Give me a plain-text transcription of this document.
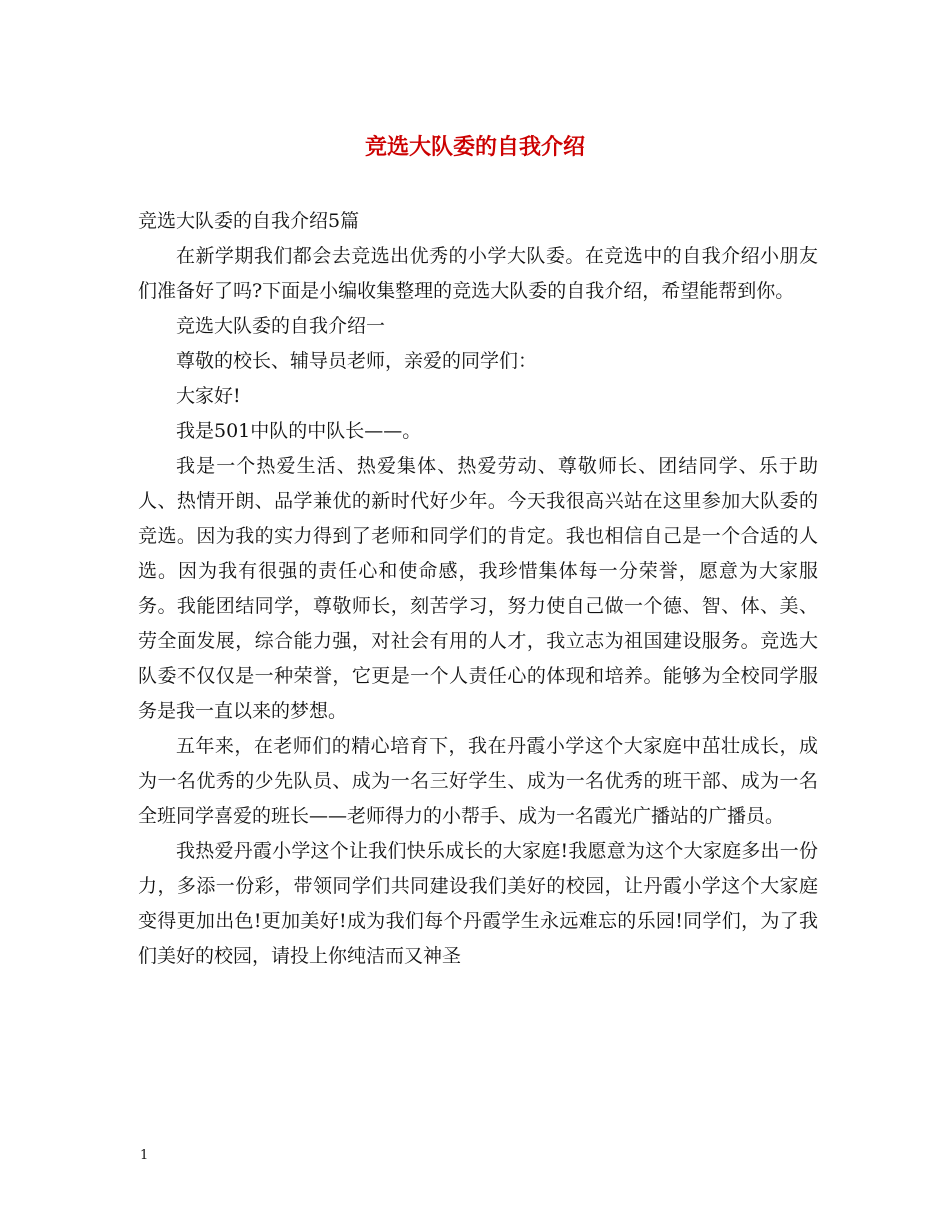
竞选大队委的自我介绍

竞选大队委的自我介绍5篇

在新学期我们都会去竞选出优秀的小学大队委。在竞选中的自我介绍小朋友们准备好了吗?下面是小编收集整理的竞选大队委的自我介绍，希望能帮到你。

竞选大队委的自我介绍一

尊敬的校长、辅导员老师，亲爱的同学们：

大家好!

我是501中队的中队长——。

我是一个热爱生活、热爱集体、热爱劳动、尊敬师长、团结同学、乐于助人、热情开朗、品学兼优的新时代好少年。今天我很高兴站在这里参加大队委的竞选。因为我的实力得到了老师和同学们的肯定。我也相信自己是一个合适的人选。因为我有很强的责任心和使命感，我珍惜集体每一分荣誉，愿意为大家服务。我能团结同学，尊敬师长，刻苦学习，努力使自己做一个德、智、体、美、劳全面发展，综合能力强，对社会有用的人才，我立志为祖国建设服务。竞选大队委不仅仅是一种荣誉，它更是一个人责任心的体现和培养。能够为全校同学服务是我一直以来的梦想。

五年来，在老师们的精心培育下，我在丹霞小学这个大家庭中茁壮成长，成为一名优秀的少先队员、成为一名三好学生、成为一名优秀的班干部、成为一名全班同学喜爱的班长——老师得力的小帮手、成为一名霞光广播站的广播员。

我热爱丹霞小学这个让我们快乐成长的大家庭!我愿意为这个大家庭多出一份力，多添一份彩，带领同学们共同建设我们美好的校园，让丹霞小学这个大家庭变得更加出色!更加美好!成为我们每个丹霞学生永远难忘的乐园!同学们，为了我们美好的校园，请投上你纯洁而又神圣

1
